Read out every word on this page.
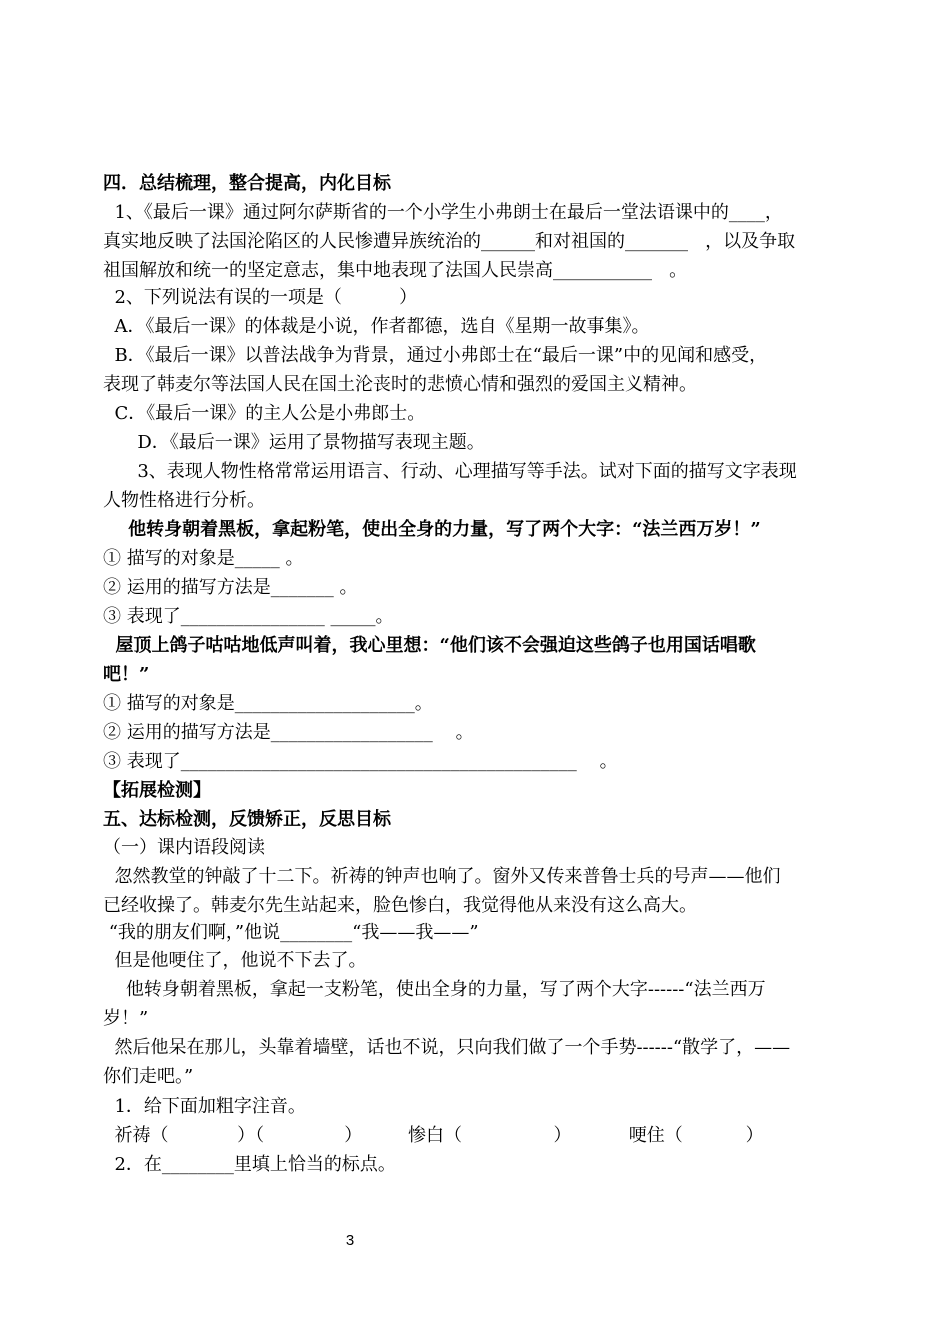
四．总结梳理，整合提高，内化目标
1、《最后一课》通过阿尔萨斯省的一个小学生小弗朗士在最后一堂法语课中的____，
真实地反映了法国沦陷区的人民惨遭异族统治的______和对祖国的_______   ，以及争取
祖国解放和统一的坚定意志，集中地表现了法国人民崇高___________   。
2、下列说法有误的一项是（          ）
A．《最后一课》的体裁是小说，作者都德，选自《星期一故事集》。
B．《最后一课》以普法战争为背景，通过小弗郎士在“最后一课”中的见闻和感受，
表现了韩麦尔等法国人民在国土沦丧时的悲愤心情和强烈的爱国主义精神。
C．《最后一课》的主人公是小弗郎士。
D．《最后一课》运用了景物描写表现主题。
3、表现人物性格常常运用语言、行动、心理描写等手法。试对下面的描写文字表现
人物性格进行分析。
他转身朝着黑板，拿起粉笔，使出全身的力量，写了两个大字：“法兰西万岁！”
① 描写的对象是_____ 。
② 运用的描写方法是_______ 。
③ 表现了________________ _____。
屋顶上鸽子咕咕地低声叫着，我心里想：“他们该不会强迫这些鸽子也用国话唱歌
吧！”
① 描写的对象是____________________。
② 运用的描写方法是__________________    。
③ 表现了____________________________________________    。
【拓展检测】
五、达标检测，反馈矫正，反思目标
（一）课内语段阅读
忽然教堂的钟敲了十二下。祈祷的钟声也响了。窗外又传来普鲁士兵的号声——他们
已经收操了。韩麦尔先生站起来，脸色惨白，我觉得他从来没有这么高大。
“我的朋友们啊，”他说________“我——我——”
但是他哽住了，他说不下去了。
他转身朝着黑板，拿起一支粉笔，使出全身的力量，写了两个大字------“法兰西万
岁！”
然后他呆在那儿，头靠着墙壁，话也不说，只向我们做了一个手势------“散学了，——
你们走吧。”
1．给下面加粗字注音。
祈祷（            ）（              ）        惨白（                ）          哽住（           ）
2．在________里填上恰当的标点。
3
